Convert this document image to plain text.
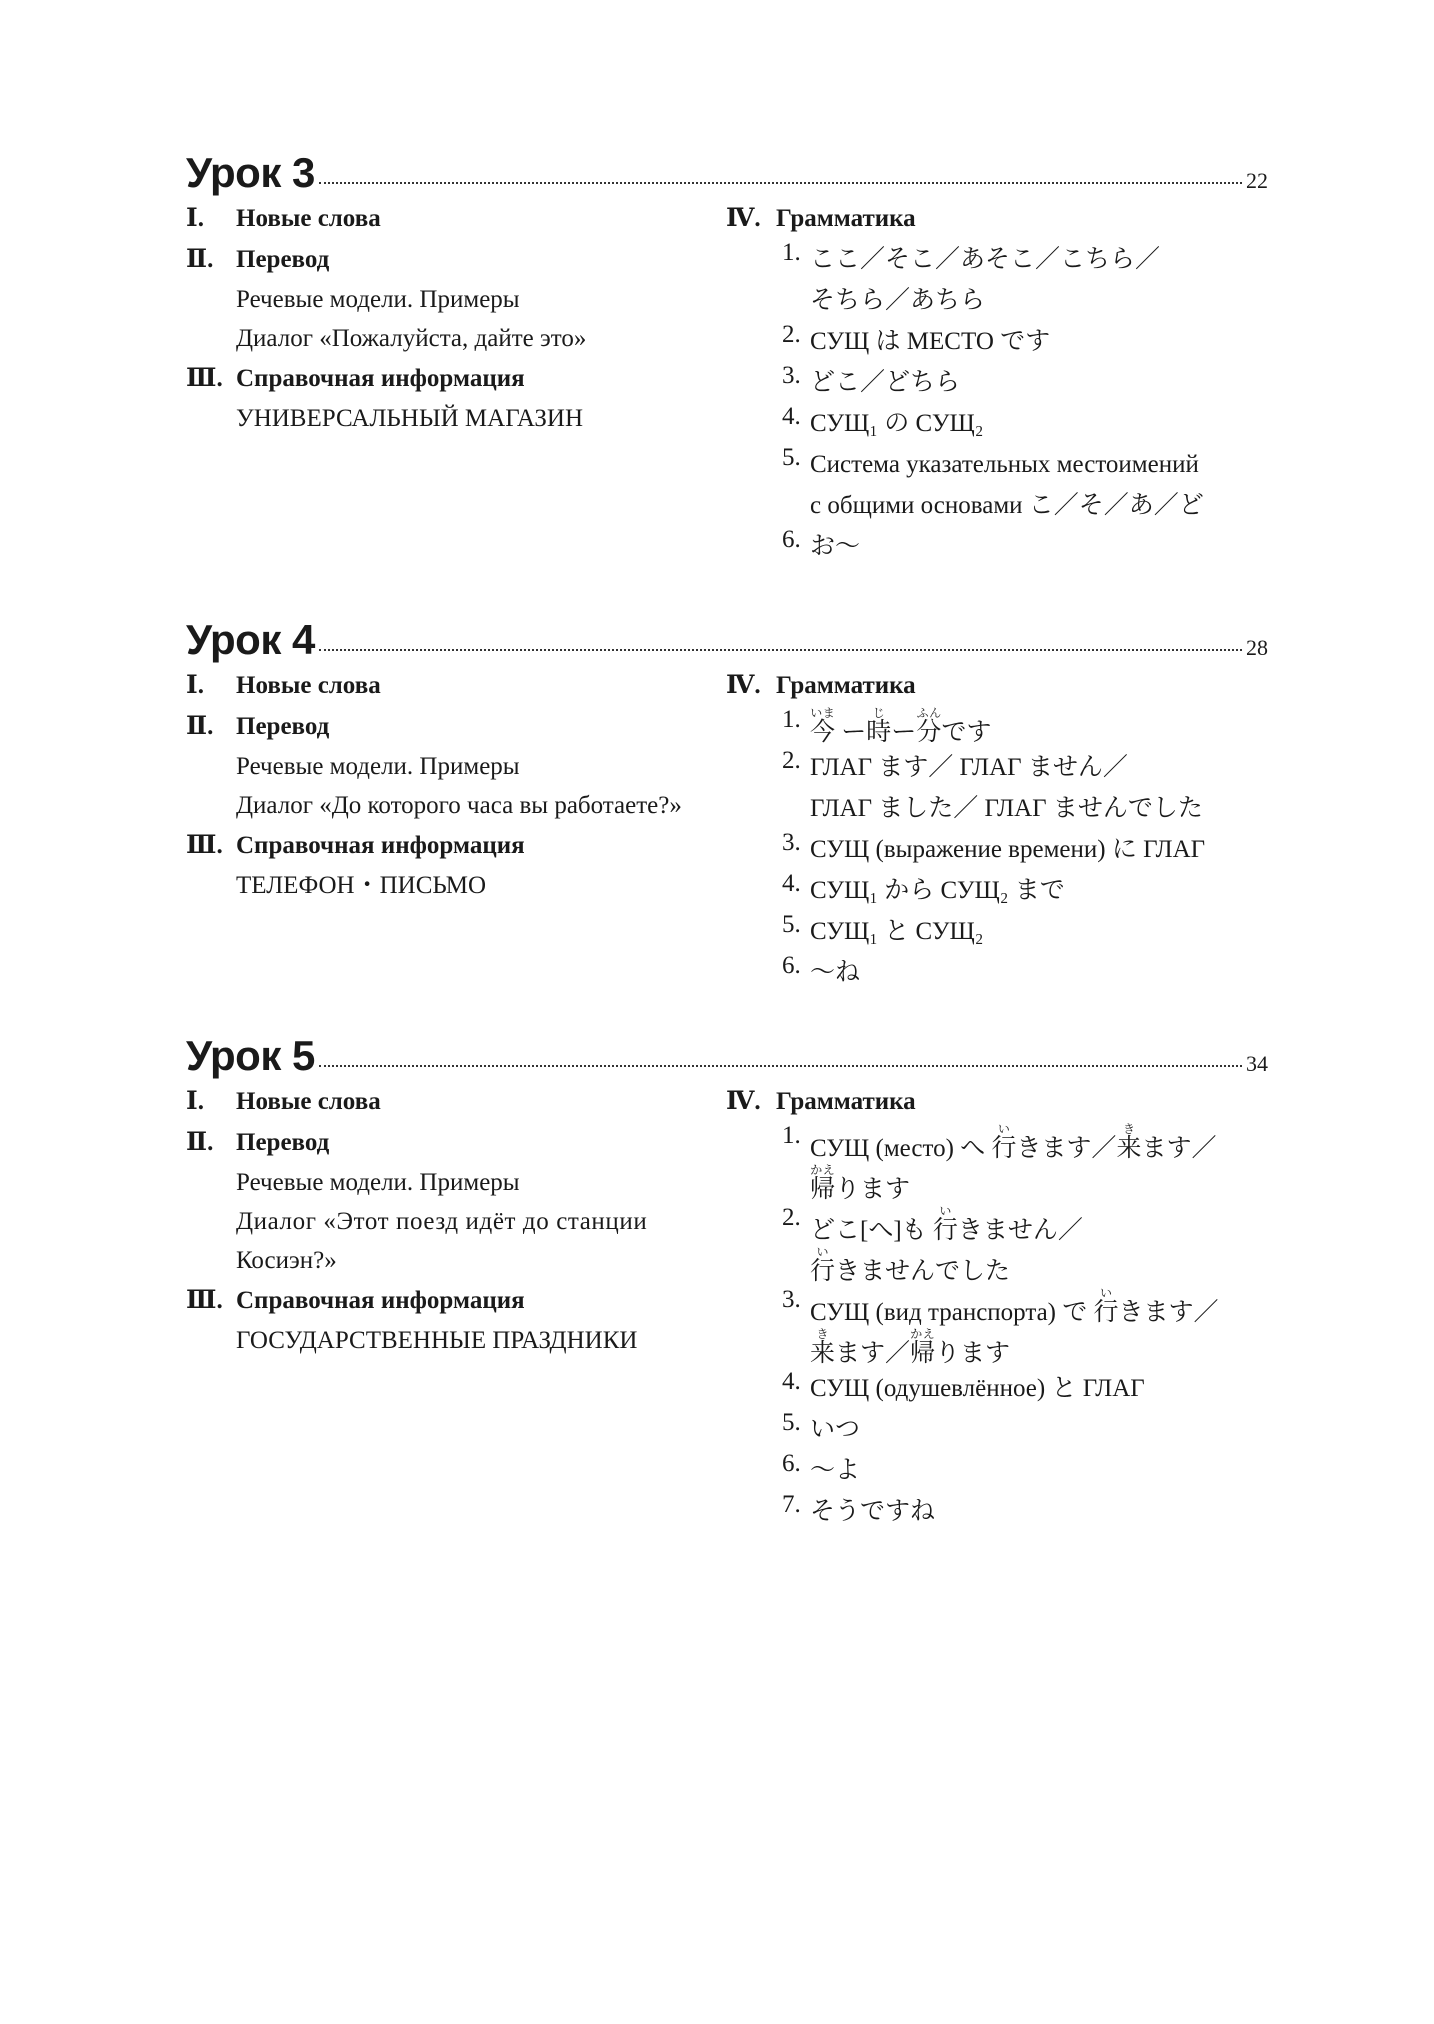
Урок 3	22
Ⅰ. Новые слова
Ⅱ. Перевод
Речевые модели. Примеры
Диалог «Пожалуйста, дайте это»
Ⅲ. Справочная информация
УНИВЕРСАЛЬНЫЙ МАГАЗИН
Ⅳ. Грамматика
1. ここ／そこ／あそこ／こちら／
そちら／あちら
2. СУЩ は МЕСТО です
3. どこ／どちら
4. СУЩ₁ の СУЩ₂
5. Система указательных местоимений
с общими основами こ／そ／あ／ど
6. お～
Урок 4	28
Ⅰ. Новые слова
Ⅱ. Перевод
Речевые модели. Примеры
Диалог «До которого часа вы работаете?»
Ⅲ. Справочная информация
ТЕЛЕФОН・ПИСЬМО
Ⅳ. Грамматика
1. 今いま ー時じー分ふんです
2. ГЛАГ ます／ ГЛАГ ません／
ГЛАГ ました／ ГЛАГ ませんでした
3. СУЩ (выражение времени) に ГЛАГ
4. СУЩ₁ から СУЩ₂ まで
5. СУЩ₁ と СУЩ₂
6. ～ね
Урок 5	34
Ⅰ. Новые слова
Ⅱ. Перевод
Речевые модели. Примеры
Диалог «Этот поезд идёт до станции
Косиэн?»
Ⅲ. Справочная информация
ГОСУДАРСТВЕННЫЕ ПРАЗДНИКИ
Ⅳ. Грамматика
1. СУЩ (место) へ 行いきます／来きます／
帰かえります
2. どこ[へ]も 行いきません／
行いきませんでした
3. СУЩ (вид транспорта) で 行いきます／
来きます／帰かえります
4. СУЩ (одушевлённое) と ГЛАГ
5. いつ
6. ～よ
7. そうですね
